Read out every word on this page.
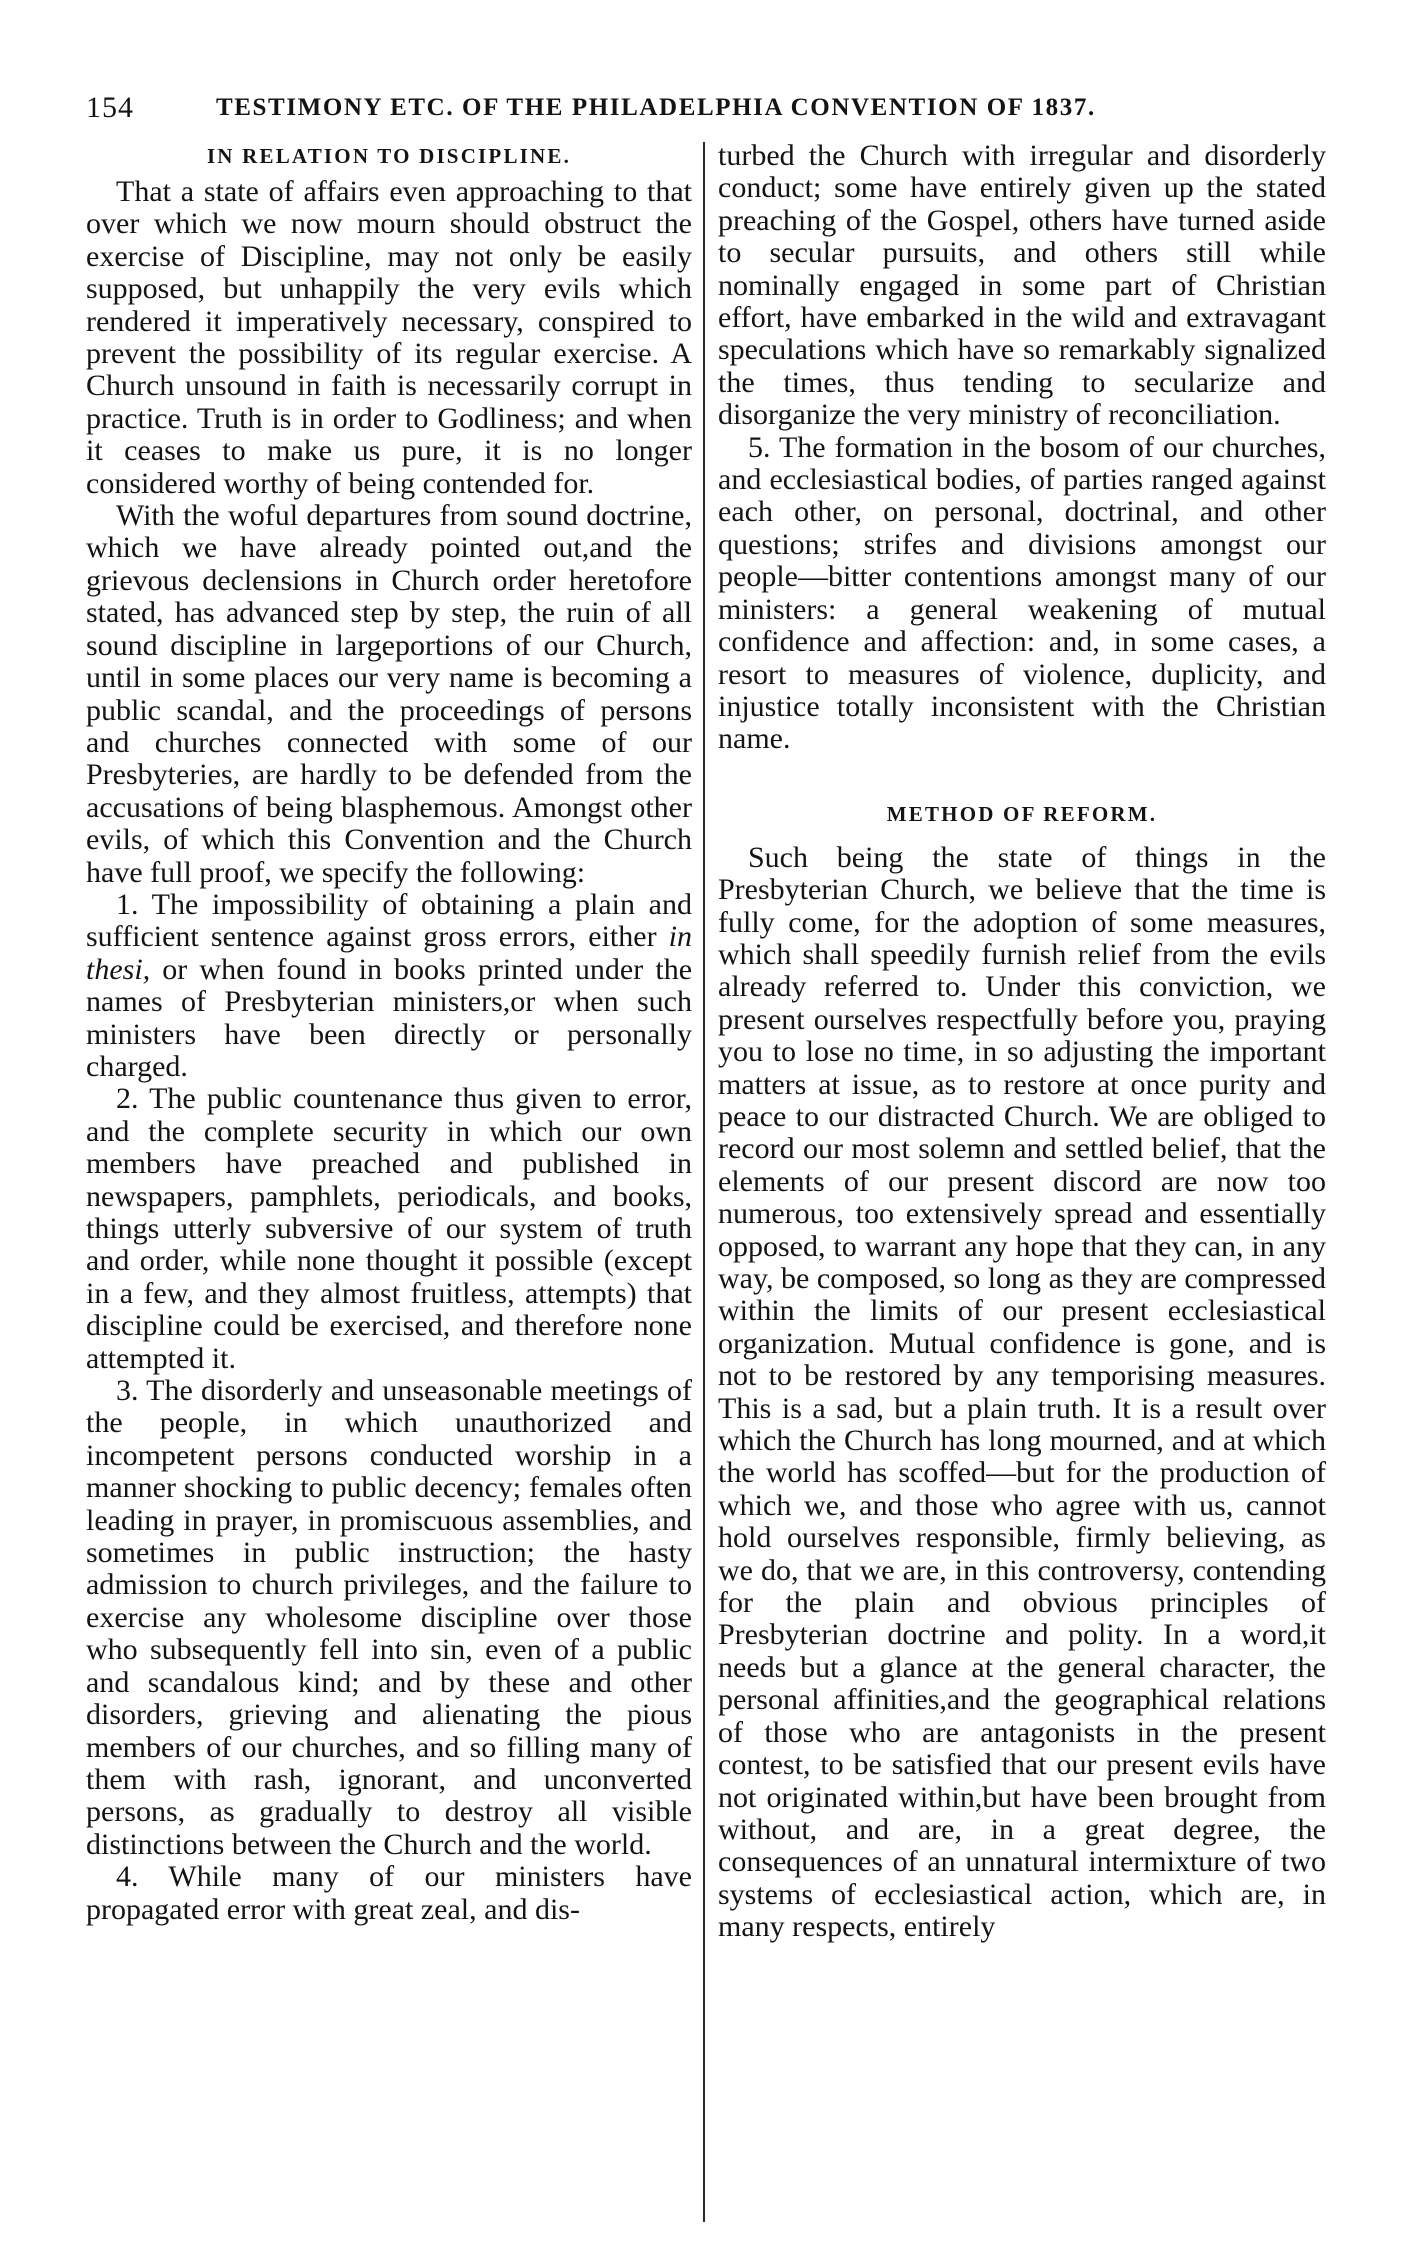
154	TESTIMONY ETC. OF THE PHILADELPHIA CONVENTION OF 1837.
IN RELATION TO DISCIPLINE.

That a state of affairs even approaching to that over which we now mourn should obstruct the exercise of Discipline, may not only be easily supposed, but unhappily the very evils which rendered it imperatively necessary, conspired to prevent the possibility of its regular exercise. A Church unsound in faith is necessarily corrupt in practice. Truth is in order to Godliness; and when it ceases to make us pure, it is no longer considered worthy of being contended for.

With the woful departures from sound doctrine, which we have already pointed out,and the grievous declensions in Church order heretofore stated, has advanced step by step, the ruin of all sound discipline in largeportions of our Church, until in some places our very name is becoming a public scandal, and the proceedings of persons and churches connected with some of our Presbyteries, are hardly to be defended from the accusations of being blasphemous. Amongst other evils, of which this Convention and the Church have full proof, we specify the following:

1. The impossibility of obtaining a plain and sufficient sentence against gross errors, either in thesi, or when found in books printed under the names of Presbyterian ministers,or when such ministers have been directly or personally charged.

2. The public countenance thus given to error, and the complete security in which our own members have preached and published in newspapers, pamphlets, periodicals, and books, things utterly subversive of our system of truth and order, while none thought it possible (except in a few, and they almost fruitless, attempts) that discipline could be exercised, and therefore none attempted it.

3. The disorderly and unseasonable meetings of the people, in which unauthorized and incompetent persons conducted worship in a manner shocking to public decency; females often leading in prayer, in promiscuous assemblies, and sometimes in public instruction; the hasty admission to church privileges, and the failure to exercise any wholesome discipline over those who subsequently fell into sin, even of a public and scandalous kind; and by these and other disorders, grieving and alienating the pious members of our churches, and so filling many of them with rash, ignorant, and unconverted persons, as gradually to destroy all visible distinctions between the Church and the world.

4. While many of our ministers have propagated error with great zeal, and dis-

turbed the Church with irregular and disorderly conduct; some have entirely given up the stated preaching of the Gospel, others have turned aside to secular pursuits, and others still while nominally engaged in some part of Christian effort, have embarked in the wild and extravagant speculations which have so remarkably signalized the times, thus tending to secularize and disorganize the very ministry of reconciliation.

5. The formation in the bosom of our churches, and ecclesiastical bodies, of parties ranged against each other, on personal, doctrinal, and other questions; strifes and divisions amongst our people—bitter contentions amongst many of our ministers: a general weakening of mutual confidence and affection: and, in some cases, a resort to measures of violence, duplicity, and injustice totally inconsistent with the Christian name.

METHOD OF REFORM.

Such being the state of things in the Presbyterian Church, we believe that the time is fully come, for the adoption of some measures, which shall speedily furnish relief from the evils already referred to. Under this conviction, we present ourselves respectfully before you, praying you to lose no time, in so adjusting the important matters at issue, as to restore at once purity and peace to our distracted Church. We are obliged to record our most solemn and settled belief, that the elements of our present discord are now too numerous, too extensively spread and essentially opposed, to warrant any hope that they can, in any way, be composed, so long as they are compressed within the limits of our present ecclesiastical organization. Mutual confidence is gone, and is not to be restored by any temporising measures. This is a sad, but a plain truth. It is a result over which the Church has long mourned, and at which the world has scoffed—but for the production of which we, and those who agree with us, cannot hold ourselves responsible, firmly believing, as we do, that we are, in this controversy, contending for the plain and obvious principles of Presbyterian doctrine and polity. In a word,it needs but a glance at the general character, the personal affinities,and the geographical relations of those who are antagonists in the present contest, to be satisfied that our present evils have not originated within,but have been brought from without, and are, in a great degree, the consequences of an unnatural intermixture of two systems of ecclesiastical action, which are, in many respects, entirely
